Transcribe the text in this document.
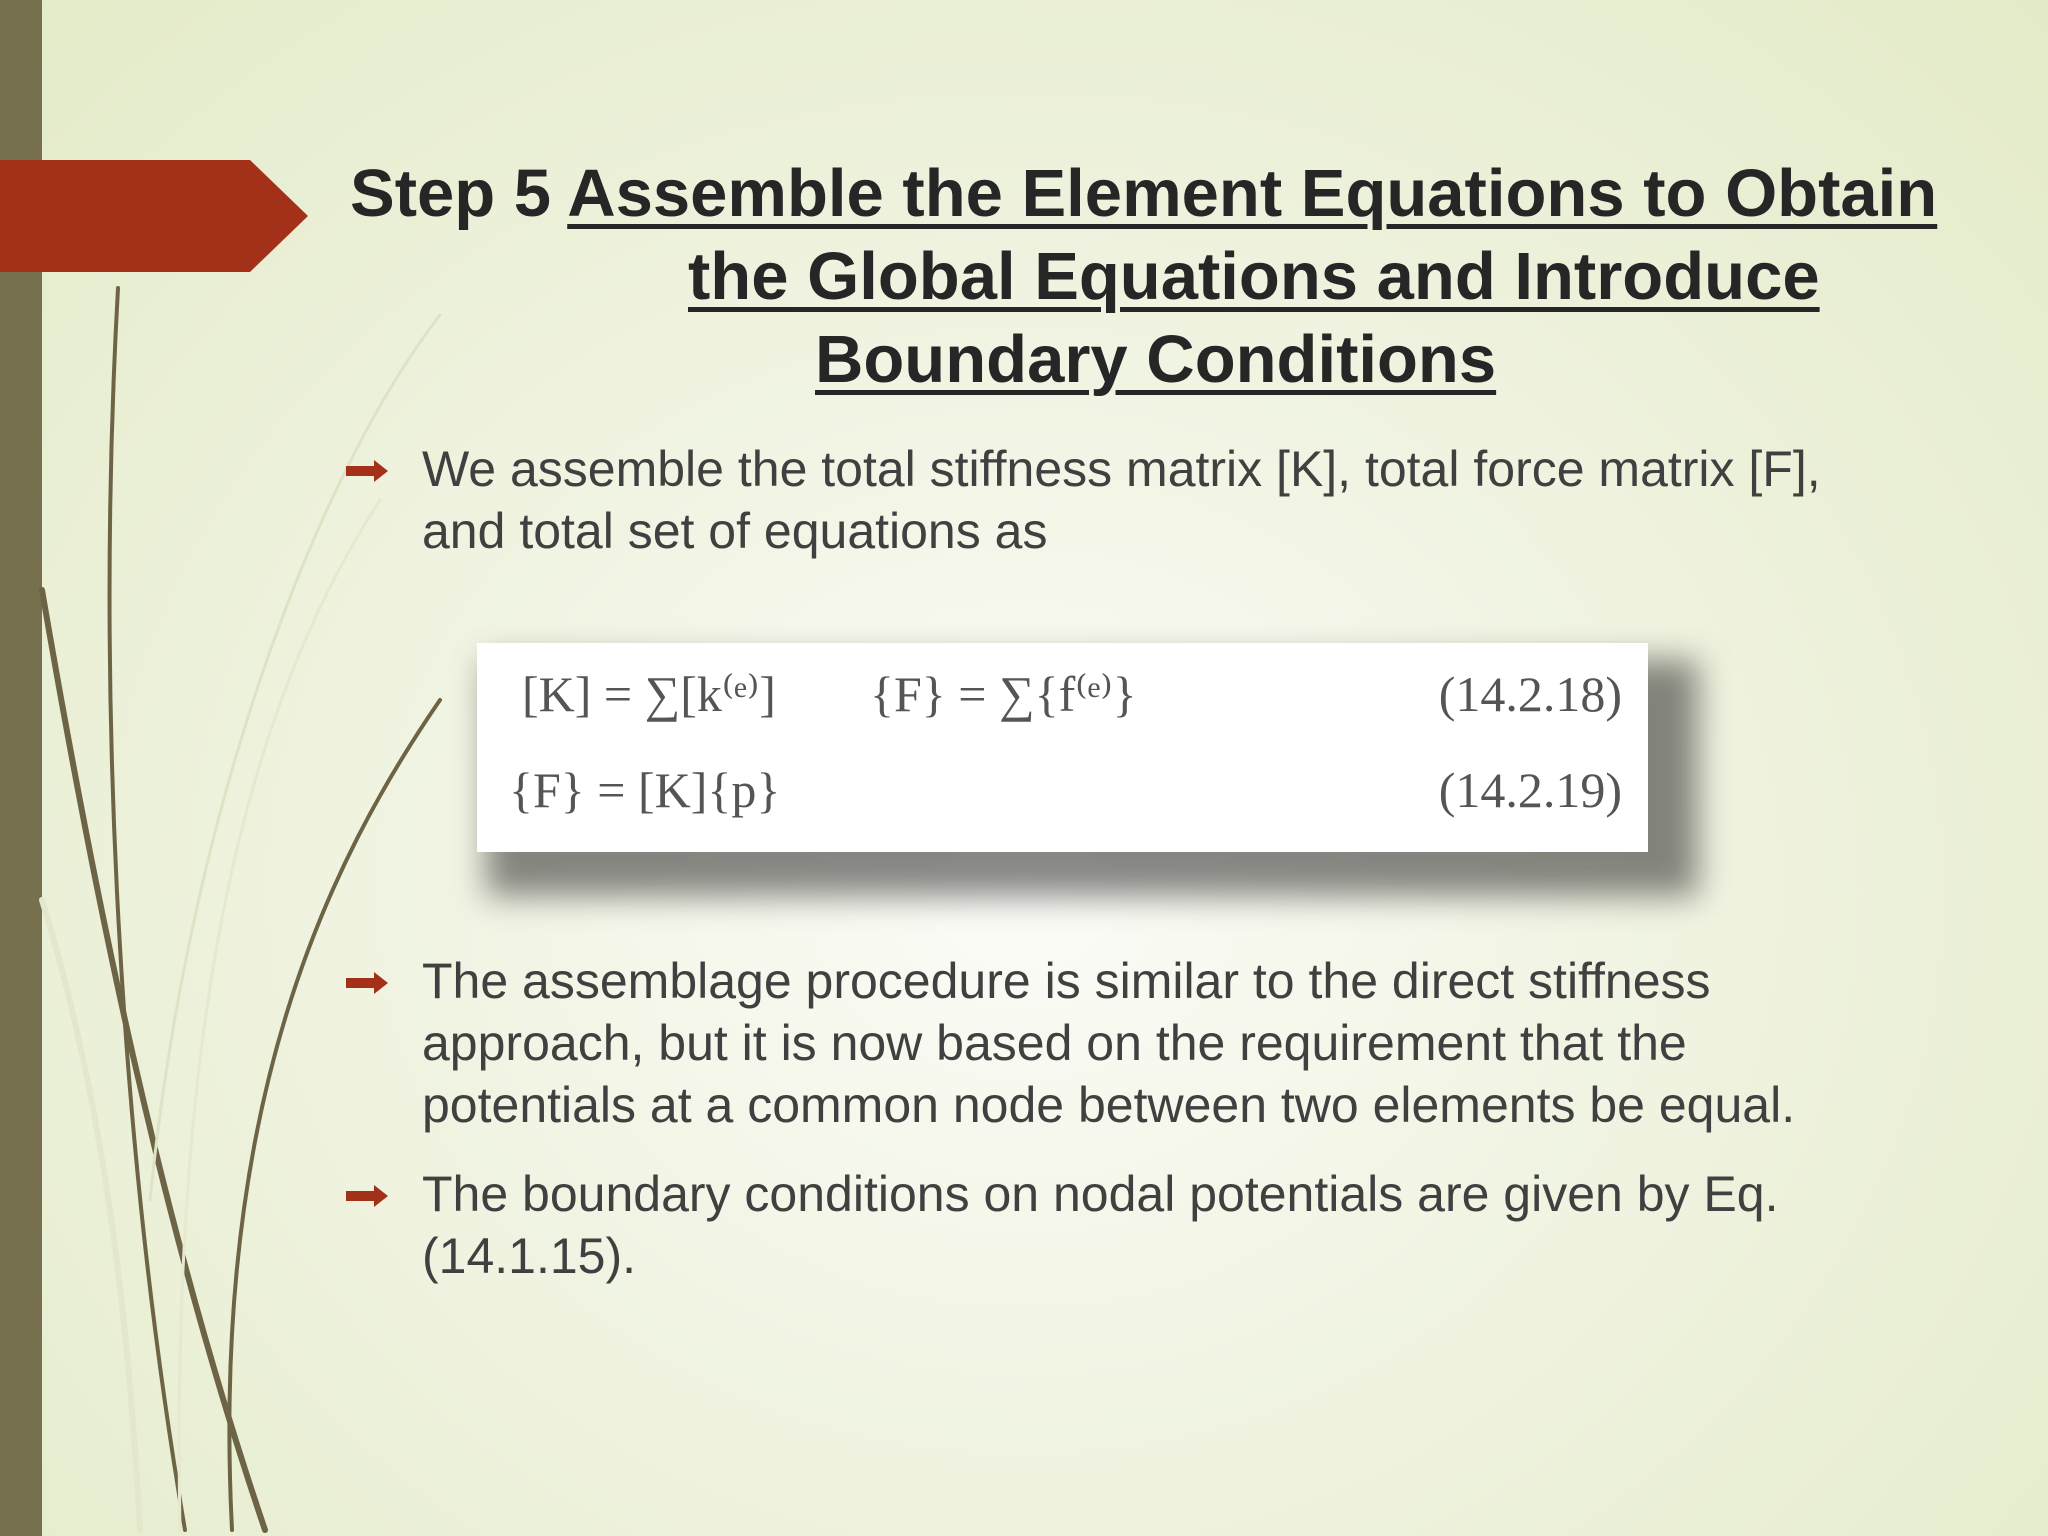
Step 5 Assemble the Element Equations to Obtain
the Global Equations and Introduce
Boundary Conditions
We assemble the total stiffness matrix [K], total force matrix [F], and total set of equations as
[K] = ∑[k⁽ᵉ⁾] {F} = ∑{f⁽ᵉ⁾}	(14.2.18)
{F} = [K]{p}	(14.2.19)
The assemblage procedure is similar to the direct stiffness approach, but it is now based on the requirement that the potentials at a common node between two elements be equal.
The boundary conditions on nodal potentials are given by Eq. (14.1.15).
